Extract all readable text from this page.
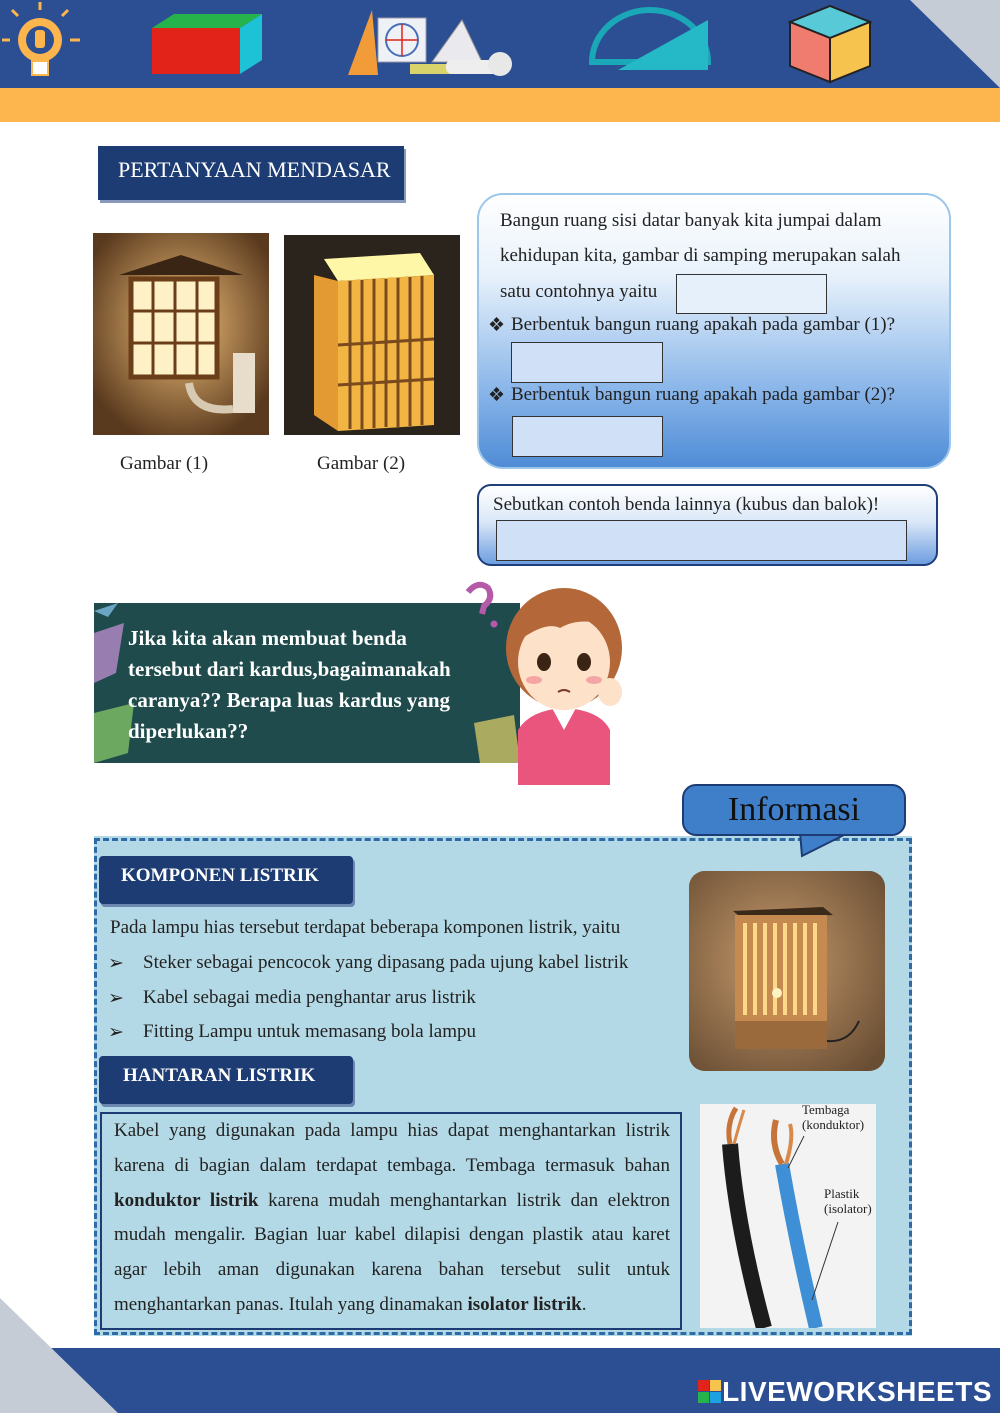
PERTANYAAN MENDASAR
Gambar (1)	Gambar (2)
Bangun ruang sisi datar banyak kita jumpai dalam
kehidupan kita, gambar di samping merupakan salah
satu contohnya yaitu
❖ Berbentuk bangun ruang apakah pada gambar (1)?
❖ Berbentuk bangun ruang apakah pada gambar (2)?
Sebutkan contoh benda lainnya (kubus dan balok)!
Jika kita akan membuat benda
tersebut dari kardus,bagaimanakah
caranya?? Berapa luas kardus yang
diperlukan??
Informasi
KOMPONEN LISTRIK
Pada lampu hias tersebut terdapat beberapa komponen listrik, yaitu
➢ Steker sebagai pencocok yang dipasang pada ujung kabel listrik
➢ Kabel sebagai media penghantar arus listrik
➢ Fitting Lampu untuk memasang bola lampu
HANTARAN LISTRIK
Kabel yang digunakan pada lampu hias dapat menghantarkan listrik karena di bagian dalam terdapat tembaga. Tembaga termasuk bahan konduktor listrik karena mudah menghantarkan listrik dan elektron mudah mengalir. Bagian luar kabel dilapisi dengan plastik atau karet agar lebih aman digunakan karena bahan tersebut sulit untuk menghantarkan panas. Itulah yang dinamakan isolator listrik.
Tembaga
(konduktor)
Plastik
(isolator)
LIVEWORKSHEETS
